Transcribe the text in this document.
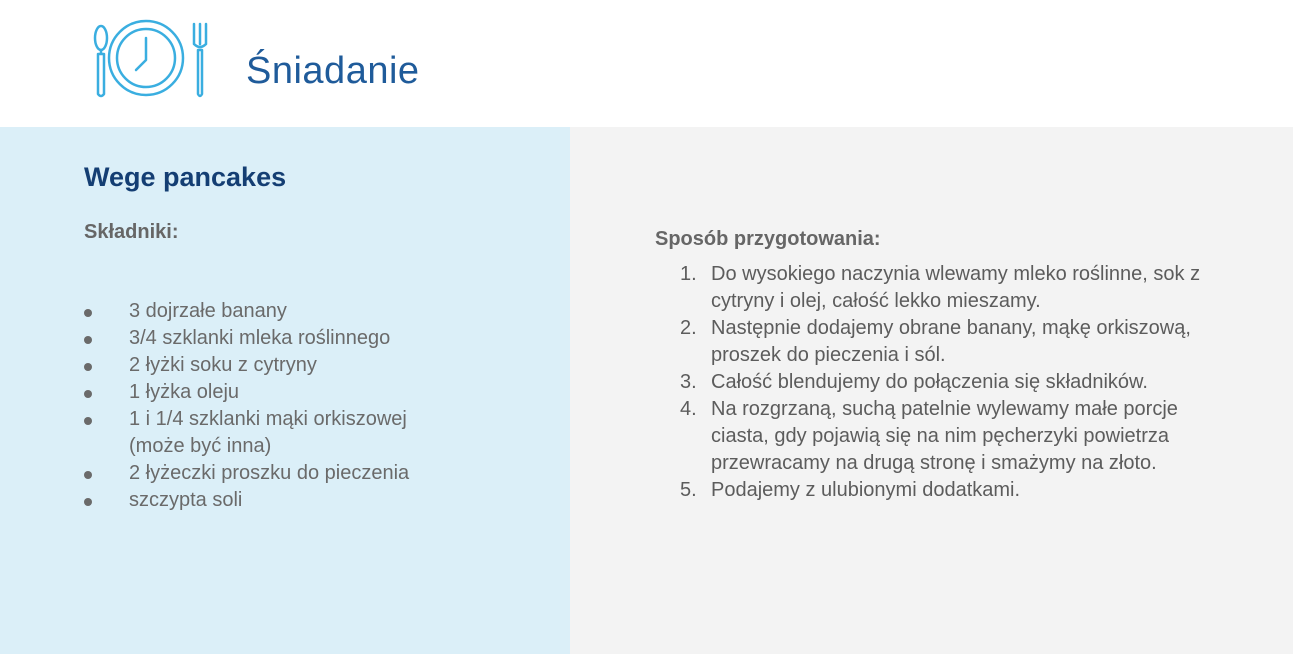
Śniadanie
Wege pancakes
Składniki:
3 dojrzałe banany
3/4 szklanki mleka roślinnego
2 łyżki soku z cytryny
1 łyżka oleju
1 i 1/4 szklanki mąki orkiszowej (może być inna)
2 łyżeczki proszku do pieczenia
szczypta soli
Sposób przygotowania:
1. Do wysokiego naczynia wlewamy mleko roślinne, sok z cytryny i olej, całość lekko mieszamy.
2. Następnie dodajemy obrane banany, mąkę orkiszową, proszek do pieczenia i sól.
3. Całość blendujemy do połączenia się składników.
4. Na rozgrzaną, suchą patelnie wylewamy małe porcje ciasta, gdy pojawią się na nim pęcherzyki powietrza przewracamy na drugą stronę i smażymy na złoto.
5. Podajemy z ulubionymi dodatkami.
